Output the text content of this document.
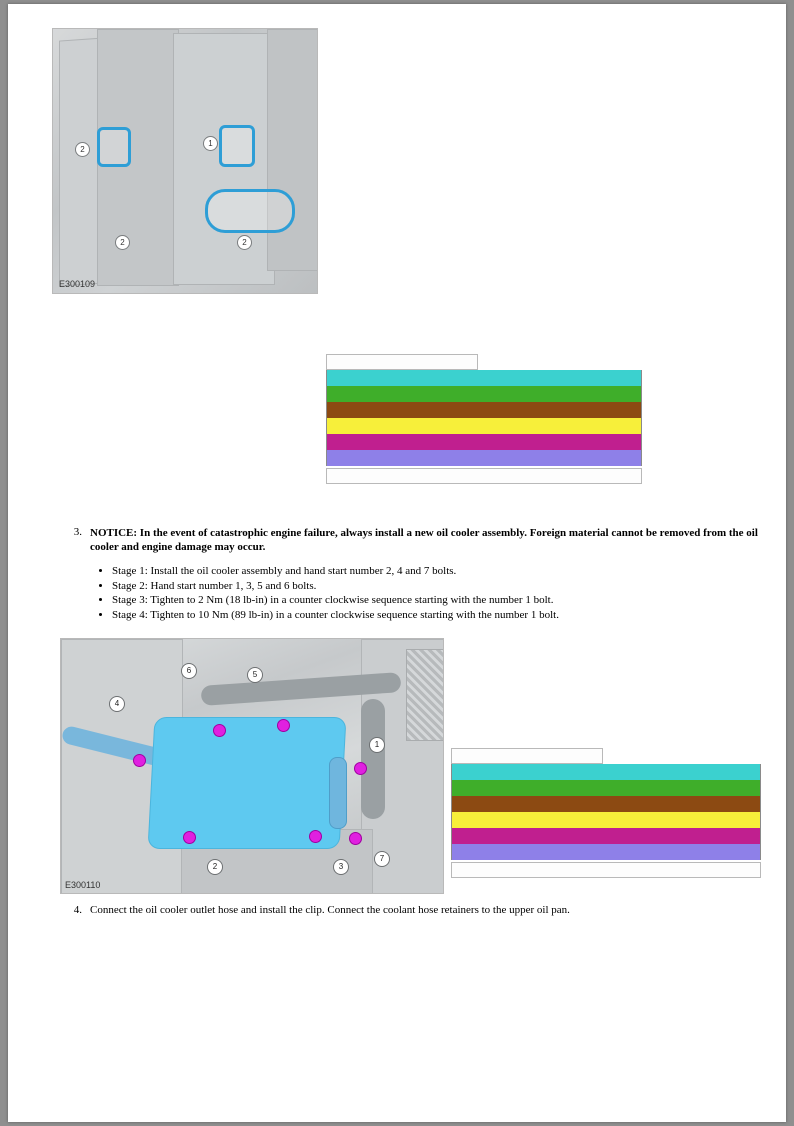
2
1
2	2
E300109
3. NOTICE: In the event of catastrophic engine failure, always install a new oil cooler assembly. Foreign material cannot be removed from the oil cooler and engine damage may occur.
• Stage 1: Install the oil cooler assembly and hand start number 2, 4 and 7 bolts.
• Stage 2: Hand start number 1, 3, 5 and 6 bolts.
• Stage 3: Tighten to 2 Nm (18 lb-in) in a counter clockwise sequence starting with the number 1 bolt.
• Stage 4: Tighten to 10 Nm (89 lb-in) in a counter clockwise sequence starting with the number 1 bolt.
6	5
4
1
2	3
7
E300110
4. Connect the oil cooler outlet hose and install the clip. Connect the coolant hose retainers to the upper oil pan.
